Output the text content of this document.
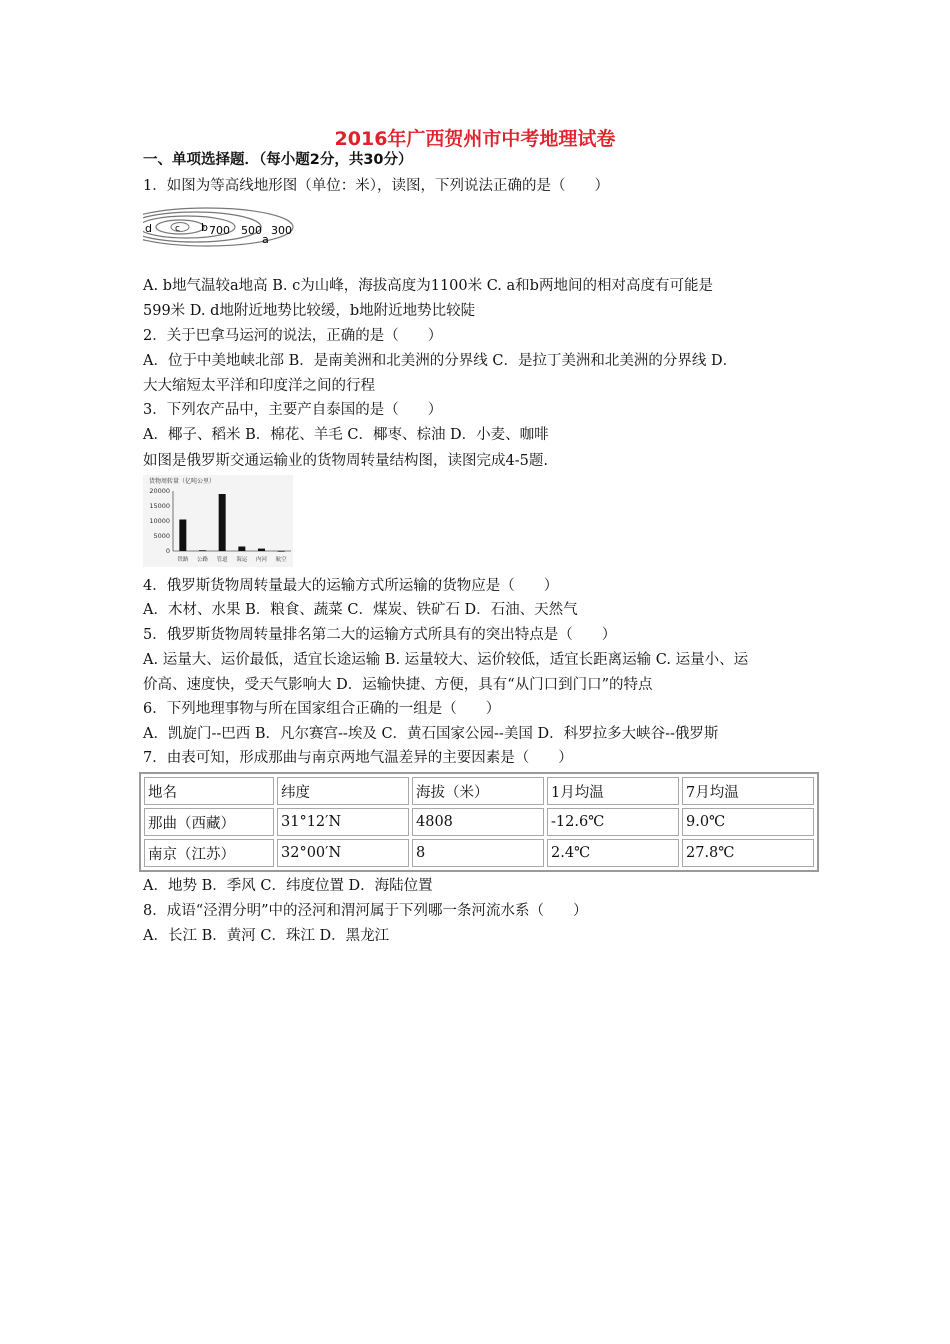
2016年广西贺州市中考地理试卷
一、单项选择题．（每小题2分，共30分）
1．如图为等高线地形图（单位：米），读图，下列说法正确的是（　　）
d	c b 700 500
a
300
A. b地气温较a地高 B. c为山峰，海拔高度为1100米 C. a和b两地间的相对高度有可能是
599米 D. d地附近地势比较缓，b地附近地势比较陡
2．关于巴拿马运河的说法，正确的是（　　）
A．位于中美地峡北部 B．是南美洲和北美洲的分界线 C．是拉丁美洲和北美洲的分界线 D．
大大缩短太平洋和印度洋之间的行程
3．下列农产品中，主要产自泰国的是（　　）
A．椰子、稻米 B．棉花、羊毛 C．椰枣、棕油 D．小麦、咖啡
如图是俄罗斯交通运输业的货物周转量结构图，读图完成4-5题.
货物周转量（亿吨公里）
20000
15000
10000
5000
0
铁路 公路 管道 海运 内河 航空
4．俄罗斯货物周转量最大的运输方式所运输的货物应是（　　）
A．木材、水果 B．粮食、蔬菜 C．煤炭、铁矿石 D．石油、天然气
5．俄罗斯货物周转量排名第二大的运输方式所具有的突出特点是（　　）
A. 运量大、运价最低，适宜长途运输 B. 运量较大、运价较低，适宜长距离运输 C. 运量小、运
价高、速度快，受天气影响大 D．运输快捷、方便，具有“从门口到门口”的特点
6．下列地理事物与所在国家组合正确的一组是（　　）
A．凯旋门--巴西 B．凡尔赛宫--埃及 C．黄石国家公园--美国 D．科罗拉多大峡谷--俄罗斯
7．由表可知，形成那曲与南京两地气温差异的主要因素是（　　）
地名	纬度	海拔（米）	1月均温	7月均温
那曲（西藏）	31°12′N	4808	-12.6℃	9.0℃
南京（江苏）	32°00′N	8	2.4℃	27.8℃
A．地势 B．季风 C．纬度位置 D．海陆位置
8．成语“泾渭分明”中的泾河和渭河属于下列哪一条河流水系（　　）
A．长江 B．黄河 C．珠江 D．黑龙江
